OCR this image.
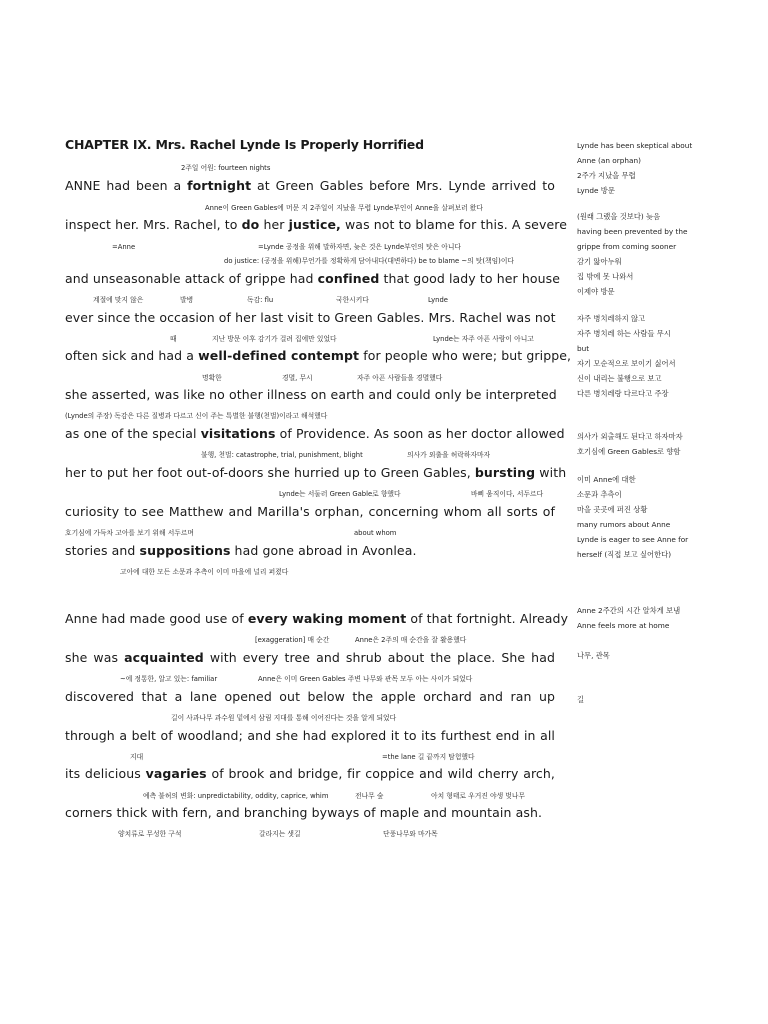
CHAPTER IX. Mrs. Rachel Lynde Is Properly Horrified
2주일 어원: fourteen nights
ANNE had been a fortnight at Green Gables before Mrs. Lynde arrived to
Anne이 Green Gables에 머문 지 2주일이 지났을 무렵 Lynde부인이 Anne을 살펴보러 왔다
inspect her. Mrs. Rachel, to do her justice, was not to blame for this. A severe
=Anne	=Lynde 공정을 위해 말하자면, 늦은 것은 Lynde부인의 탓은 아니다
do justice: (공정을 위해)무언가를 정확하게 담아내다(대변하다) be to blame ~의 탓(책임)이다
and unseasonable attack of grippe had confined that good lady to her house
계절에 맞지 않은	발병	독감: flu	국한시키다	Lynde
ever since the occasion of her last visit to Green Gables. Mrs. Rachel was not
때	지난 방문 이후 감기가 걸려 집에만 있었다	Lynde는 자주 아픈 사람이 아니고
often sick and had a well-defined contempt for people who were; but grippe,
명확한	경멸, 무시	자주 아픈 사람들을 경멸했다
she asserted, was like no other illness on earth and could only be interpreted
(Lynde의 주장) 독감은 다른 질병과 다르고 신이 주는 특별한 불행(천벌)이라고 해석했다
as one of the special visitations of Providence. As soon as her doctor allowed
불행, 천벌: catastrophe, trial, punishment, blight	의사가 외출을 허락하자마자
her to put her foot out-of-doors she hurried up to Green Gables, bursting with
Lynde는 서둘러 Green Gable로 향했다	바삐 움직이다, 서두르다
curiosity to see Matthew and Marilla's orphan, concerning whom all sorts of
호기심에 가득차 고아를 보기 위해 서두르며	about whom
stories and suppositions had gone abroad in Avonlea.
고아에 대한 모든 소문과 추측이 이미 마을에 널리 퍼졌다
Anne had made good use of every waking moment of that fortnight. Already
[exaggeration] 매 순간	Anne은 2주의 매 순간을 잘 활용했다
she was acquainted with every tree and shrub about the place. She had
~에 정통한, 알고 있는: familiar	Anne은 이미 Green Gables 주변 나무와 관목 모두 아는 사이가 되었다
discovered that a lane opened out below the apple orchard and ran up
길이 사과나무 과수원 밑에서 삼림 지대를 통해 이어진다는 것을 알게 되었다
through a belt of woodland; and she had explored it to its furthest end in all
지대	=the lane 길 끝까지 탐험했다
its delicious vagaries of brook and bridge, fir coppice and wild cherry arch,
예측 불허의 변화: unpredictability, oddity, caprice, whim	전나무 숲	아치 형태로 우거진 야생 벚나무
corners thick with fern, and branching byways of maple and mountain ash.
양치류로 무성한 구석	갈라지는 샛길	단풍나무와 마가목
Lynde has been skeptical about
Anne (an orphan)
2주가 지났을 무렵
Lynde 방문
(원래 그랬을 것보다) 늦음
having been prevented by the
grippe from coming sooner
감기 앓아누워
집 밖에 못 나와서
이제야 방문
자주 병치레하지 않고
자주 병치레 하는 사람들 무시
but
자기 모순적으로 보이기 싫어서
신이 내리는 불행으로 보고
다른 병치레랑 다르다고 주장
의사가 외출해도 된다고 하자마자
호기심에 Green Gables로 향함
이미 Anne에 대한
소문과 추측이
마을 곳곳에 퍼진 상황
many rumors about Anne
Lynde is eager to see Anne for
herself (직접 보고 싶어한다)
Anne 2주간의 시간 알차게 보냄
Anne feels more at home
나무, 관목
길
